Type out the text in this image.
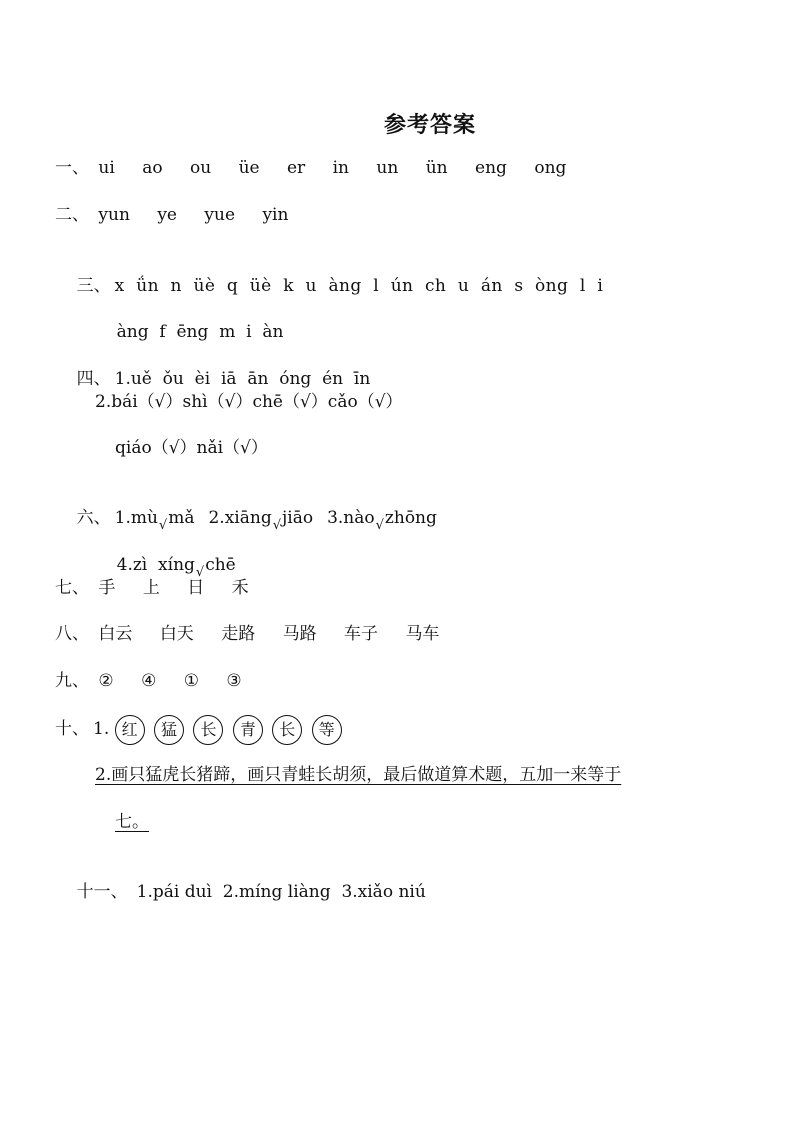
参考答案
一、 ui ao ou üe er in un ün eng ong
二、 yun ye yue yin

三、 x  ǘn  n  üè  q  üè  k  u  àng  l  ún  ch  u  án  s  òng  l  i

àng  f  ēng  m  i  àn

四、 1.uě  ǒu  èi  iā  ān  óng  én  īn

2.bái（√）shì（√）chē（√）cǎo（√）
qiáo（√）nǎi（√）

六、 $1.mù_√mǎ$ 2.xiāng$_√$jiāo 3.nào$_√$zhōng

4.zì  xíng$_√$chē

七、 手 上 日 禾
八、 白云 白天 走路 马路 车子 马车
九、 ② ④ ① ③
十、 1. 红 猛 长 青 长 等
2.画只猛虎长猪蹄，画只青蛙长胡须，最后做道算术题，五加一来等于
七。

十一、 1.pái duì  2.míng liàng  3.xiǎo niú
